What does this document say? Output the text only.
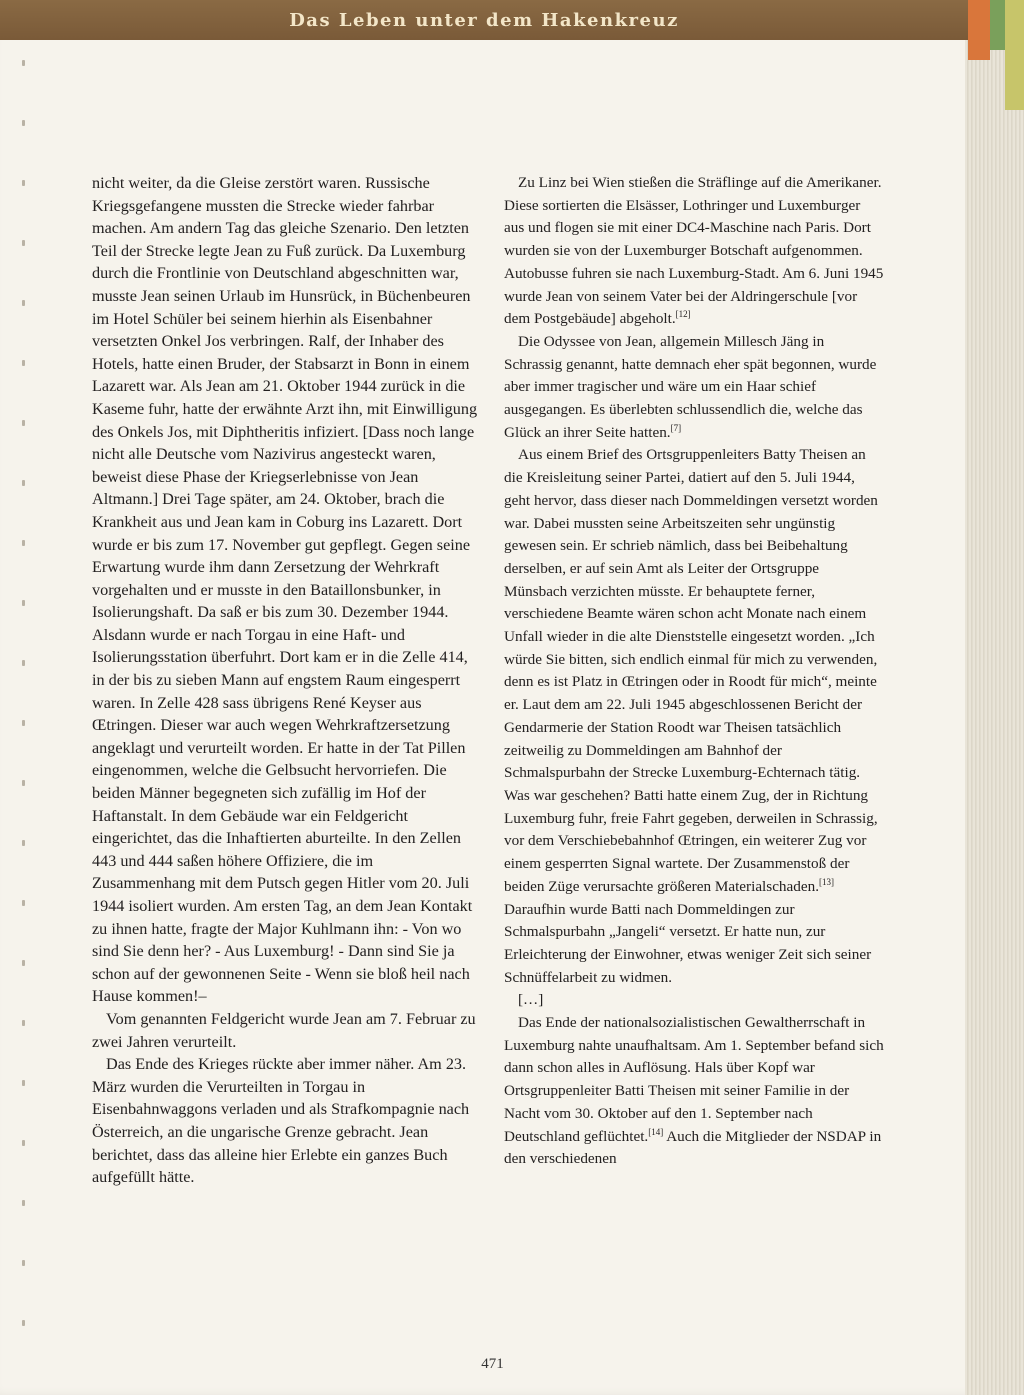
Das Leben unter dem Hakenkreuz

nicht weiter, da die Gleise zerstört waren. Russische Kriegsgefangene mussten die Strecke wieder fahrbar machen. Am andern Tag das gleiche Szenario. Den letzten Teil der Strecke legte Jean zu Fuß zurück. Da Luxemburg durch die Frontlinie von Deutschland abgeschnitten war, musste Jean seinen Urlaub im Hunsrück, in Büchenbeuren im Hotel Schüler bei seinem hierhin als Eisenbahner versetzten Onkel Jos verbringen. Ralf, der Inhaber des Hotels, hatte einen Bruder, der Stabsarzt in Bonn in einem Lazarett war. Als Jean am 21. Oktober 1944 zurück in die Kaseme fuhr, hatte der erwähnte Arzt ihn, mit Einwilligung des Onkels Jos, mit Diphtheritis infiziert. [Dass noch lange nicht alle Deutsche vom Nazivirus angesteckt waren, beweist diese Phase der Kriegserlebnisse von Jean Altmann.] Drei Tage später, am 24. Oktober, brach die Krankheit aus und Jean kam in Coburg ins Lazarett. Dort wurde er bis zum 17. November gut gepflegt. Gegen seine Erwartung wurde ihm dann Zersetzung der Wehrkraft vorgehalten und er musste in den Bataillonsbunker, in Isolierungshaft. Da saß er bis zum 30. Dezember 1944. Alsdann wurde er nach Torgau in eine Haft- und Isolierungsstation überfuhrt. Dort kam er in die Zelle 414, in der bis zu sieben Mann auf engstem Raum eingesperrt waren. In Zelle 428 sass übrigens René Keyser aus Œtringen. Dieser war auch wegen Wehrkraftzersetzung angeklagt und verurteilt worden. Er hatte in der Tat Pillen eingenommen, welche die Gelbsucht hervorriefen. Die beiden Männer begegneten sich zufällig im Hof der Haftanstalt. In dem Gebäude war ein Feldgericht eingerichtet, das die Inhaftierten aburteilte. In den Zellen 443 und 444 saßen höhere Offiziere, die im Zusammenhang mit dem Putsch gegen Hitler vom 20. Juli 1944 isoliert wurden. Am ersten Tag, an dem Jean Kontakt zu ihnen hatte, fragte der Major Kuhlmann ihn: - Von wo sind Sie denn her? - Aus Luxemburg! - Dann sind Sie ja schon auf der gewonnenen Seite - Wenn sie bloß heil nach Hause kommen!–

Vom genannten Feldgericht wurde Jean am 7. Februar zu zwei Jahren verurteilt.

Das Ende des Krieges rückte aber immer näher. Am 23. März wurden die Verurteilten in Torgau in Eisenbahnwaggons verladen und als Strafkompagnie nach Österreich, an die ungarische Grenze gebracht. Jean berichtet, dass das alleine hier Erlebte ein ganzes Buch aufgefüllt hätte.

Zu Linz bei Wien stießen die Sträflinge auf die Amerikaner. Diese sortierten die Elsässer, Lothringer und Luxemburger aus und flogen sie mit einer DC4-Maschine nach Paris. Dort wurden sie von der Luxemburger Botschaft aufgenommen. Autobusse fuhren sie nach Luxemburg-Stadt. Am 6. Juni 1945 wurde Jean von seinem Vater bei der Aldringerschule [vor dem Postgebäude] abgeholt.[12]

Die Odyssee von Jean, allgemein Millesch Jäng in Schrassig genannt, hatte demnach eher spät begonnen, wurde aber immer tragischer und wäre um ein Haar schief ausgegangen. Es überlebten schlussendlich die, welche das Glück an ihrer Seite hatten.[7]

Aus einem Brief des Ortsgruppenleiters Batty Theisen an die Kreisleitung seiner Partei, datiert auf den 5. Juli 1944, geht hervor, dass dieser nach Dommeldingen versetzt worden war. Dabei mussten seine Arbeitszeiten sehr ungünstig gewesen sein. Er schrieb nämlich, dass bei Beibehaltung derselben, er auf sein Amt als Leiter der Ortsgruppe Münsbach verzichten müsste. Er behauptete ferner, verschiedene Beamte wären schon acht Monate nach einem Unfall wieder in die alte Dienststelle eingesetzt worden. „Ich würde Sie bitten, sich endlich einmal für mich zu verwenden, denn es ist Platz in Œtringen oder in Roodt für mich“, meinte er. Laut dem am 22. Juli 1945 abgeschlossenen Bericht der Gendarmerie der Station Roodt war Theisen tatsächlich zeitweilig zu Dommeldingen am Bahnhof der Schmalspurbahn der Strecke Luxemburg-Echternach tätig. Was war geschehen? Batti hatte einem Zug, der in Richtung Luxemburg fuhr, freie Fahrt gegeben, derweilen in Schrassig, vor dem Verschiebebahnhof Œtringen, ein weiterer Zug vor einem gesperrten Signal wartete. Der Zusammenstoß der beiden Züge verursachte größeren Materialschaden.[13] Daraufhin wurde Batti nach Dommeldingen zur Schmalspurbahn „Jangeli“ versetzt. Er hatte nun, zur Erleichterung der Einwohner, etwas weniger Zeit sich seiner Schnüffelarbeit zu widmen.

[…]

Das Ende der nationalsozialistischen Gewaltherrschaft in Luxemburg nahte unaufhaltsam. Am 1. September befand sich dann schon alles in Auflösung. Hals über Kopf war Ortsgruppenleiter Batti Theisen mit seiner Familie in der Nacht vom 30. Oktober auf den 1. September nach Deutschland geflüchtet.[14] Auch die Mitglieder der NSDAP in den verschiedenen

471
